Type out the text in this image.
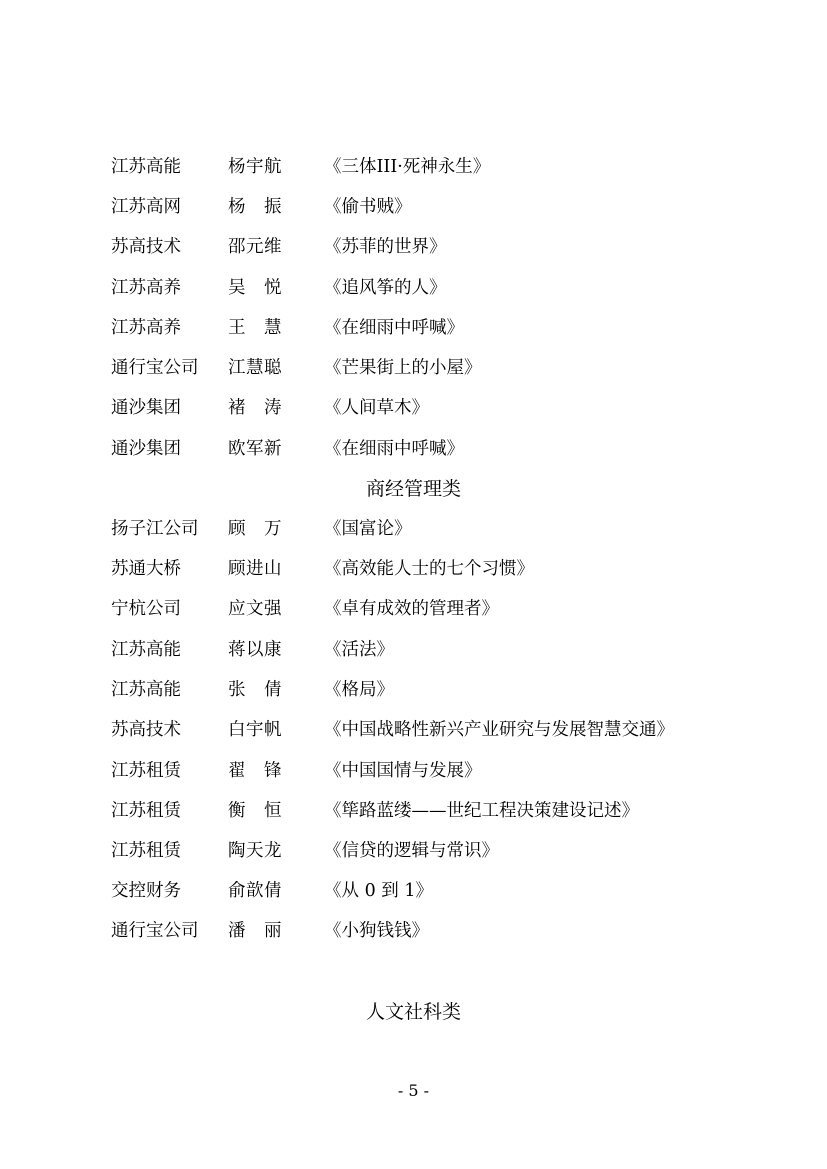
江苏高能	杨宇航 《三体III·死神永生》
江苏高网	杨　振 《偷书贼》
苏高技术	邵元维 《苏菲的世界》
江苏高养	吴　悦 《追风筝的人》
江苏高养	王　慧 《在细雨中呼喊》
通行宝公司 江慧聪 《芒果街上的小屋》
通沙集团	褚　涛 《人间草木》
通沙集团	欧军新 《在细雨中呼喊》
商经管理类
扬子江公司 顾　万 《国富论》
苏通大桥	顾进山 《高效能人士的七个习惯》
宁杭公司	应文强 《卓有成效的管理者》
江苏高能	蒋以康 《活法》
江苏高能	张　倩 《格局》
苏高技术	白宇帆 《中国战略性新兴产业研究与发展智慧交通》
江苏租赁	翟　锋 《中国国情与发展》
江苏租赁	衡　恒 《筚路蓝缕——世纪工程决策建设记述》
江苏租赁	陶天龙 《信贷的逻辑与常识》
交控财务	俞歆倩 《从 0 到 1》
通行宝公司 潘　丽 《小狗钱钱》
人文社科类
- 5 -
